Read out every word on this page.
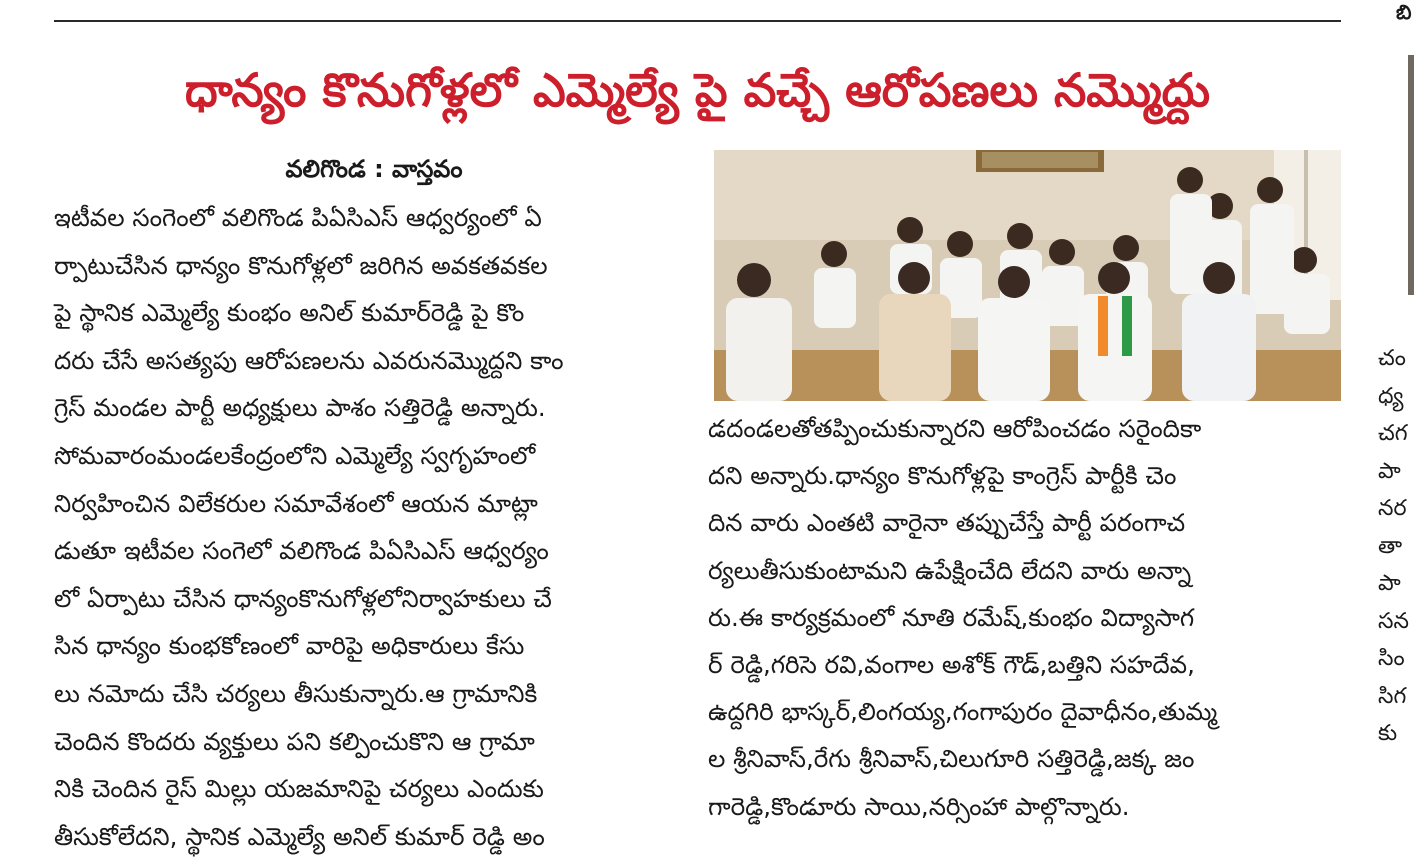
బి
ధాన్యం కొనుగోళ్లలో ఎమ్మెల్యే పై వచ్చే ఆరోపణలు నమ్మొద్దు
వలిగొండ : వాస్తవం

ఇటీవల సంగెంలో వలిగొండ పిఏసిఎస్ ఆధ్వర్యంలో ఏ

ర్పాటుచేసిన ధాన్యం కొనుగోళ్లలో జరిగిన అవకతవకల

పై స్థానిక ఎమ్మెల్యే కుంభం అనిల్ కుమార్‌రెడ్డి పై కొం

దరు చేసే అసత్యపు ఆరోపణలను ఎవరునమ్మొద్దని కాం

గ్రెస్ మండల పార్టీ అధ్యక్షులు పాశం సత్తిరెడ్డి అన్నారు.

సోమవారంమండలకేంద్రంలోని ఎమ్మెల్యే స్వగృహంలో

నిర్వహించిన విలేకరుల సమావేశంలో ఆయన మాట్లా

డుతూ ఇటీవల సంగెలో వలిగొండ పిఏసిఎస్ ఆధ్వర్యం

లో ఏర్పాటు చేసిన ధాన్యంకొనుగోళ్లలోనిర్వాహకులు చే

సిన ధాన్యం కుంభకోణంలో వారిపై అధికారులు కేసు

లు నమోదు చేసి చర్యలు తీసుకున్నారు.ఆ గ్రామానికి

చెందిన కొందరు వ్యక్తులు పని కల్పించుకొని ఆ గ్రామా

నికి చెందిన రైస్ మిల్లు యజమానిపై చర్యలు ఎందుకు

తీసుకోలేదని, స్థానిక ఎమ్మెల్యే అనిల్ కుమార్ రెడ్డి అం

డదండలతోతప్పించుకున్నారని ఆరోపించడం సరైందికా

దని అన్నారు.ధాన్యం కొనుగోళ్లపై కాంగ్రెస్ పార్టీకి చెం

దిన వారు ఎంతటి వారైనా తప్పుచేస్తే పార్టీ పరంగాచ

ర్యలుతీసుకుంటామని ఉపేక్షించేది లేదని వారు అన్నా

రు.ఈ కార్యక్రమంలో నూతి రమేష్,కుంభం విద్యాసాగ

ర్ రెడ్డి,గరిసె రవి,వంగాల అశోక్ గౌడ్,బత్తిని సహదేవ,

ఉద్దగిరి భాస్కర్,లింగయ్య,గంగాపురం దైవాధీనం,తుమ్మ

ల శ్రీనివాస్,రేగు శ్రీనివాస్,చిలుగూరి సత్తిరెడ్డి,జక్క జం

గారెడ్డి,కొండూరు సాయి,నర్సింహా పాల్గొన్నారు.

చం

ధ్య

చగ

పా

నర

తా

పా

సన

సిం

సిగ

కు
